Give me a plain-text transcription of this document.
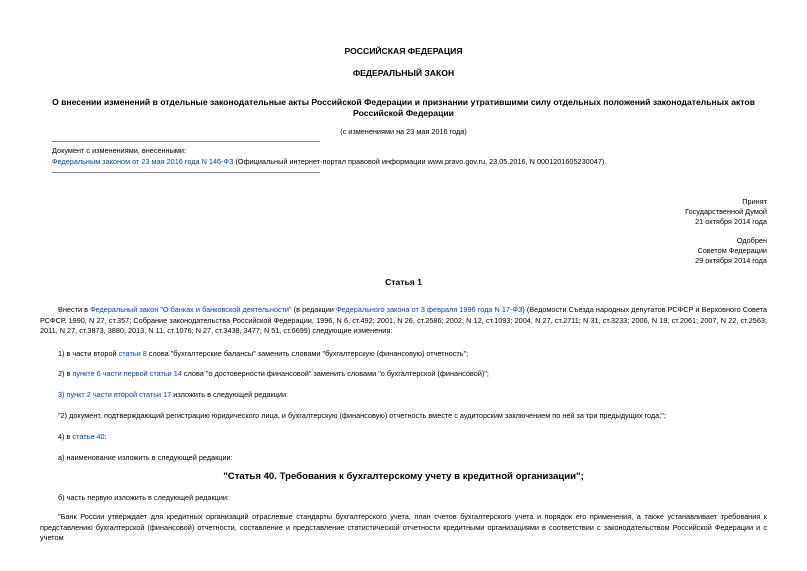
РОССИЙСКАЯ ФЕДЕРАЦИЯ
ФЕДЕРАЛЬНЫЙ ЗАКОН
О внесении изменений в отдельные законодательные акты Российской Федерации и признании утратившими силу отдельных положений законодательных актов
Российской Федерации
(с изменениями на 23 мая 2016 года)
Документ с изменениями, внесенными:
Федеральным законом от 23 мая 2016 года N 146-ФЗ (Официальный интернет-портал правовой информации www.pravo.gov.ru, 23.05.2016, N 0001201605230047).
Принят
Государственной Думой
21 октября 2014 года
Одобрен
Советом Федерации
29 октября 2014 года
Статья 1
Внести в Федеральный закон "О банках и банковской деятельности" (в редакции Федерального закона от 3 февраля 1996 года N 17-ФЗ) (Ведомости Съезда народных депутатов РСФСР и Верховного Совета РСФСР, 1990, N 27, ст.357; Собрание законодательства Российской Федерации, 1996, N 6, ст.492; 2001, N 26, ст.2586; 2002, N 12, ст.1093; 2004, N 27, ст.2711; N 31, ст.3233; 2006, N 19, ст.2061; 2007, N 22, ст.2563; 2011, N 27, ст.3873, 3880; 2013, N 11, ст.1076; N 27, ст.3438, 3477; N 51, ст.6699) следующие изменения:
1) в части второй статьи 8 слова "бухгалтерские балансы" заменить словами "бухгалтерскую (финансовую) отчетность";
2) в пункте 6 части первой статьи 14 слова "о достоверности финансовой" заменить словами "о бухгалтерской (финансовой)";
3) пункт 2 части второй статьи 17 изложить в следующей редакции:
"2) документ, подтверждающий регистрацию юридического лица, и бухгалтерскую (финансовую) отчетность вместе с аудиторским заключением по ней за три предыдущих года;";
4) в статье 40:
а) наименование изложить в следующей редакции:
"Статья 40. Требования к бухгалтерскому учету в кредитной организации";
б) часть первую изложить в следующей редакции:
"Банк России утверждает для кредитных организаций отраслевые стандарты бухгалтерского учета, план счетов бухгалтерского учета и порядок его применения, а также устанавливает требования к представлению бухгалтерской (финансовой) отчетности, составление и представление статистической отчетности кредитными организациями в соответствии с законодательством Российской Федерации и с учетом
